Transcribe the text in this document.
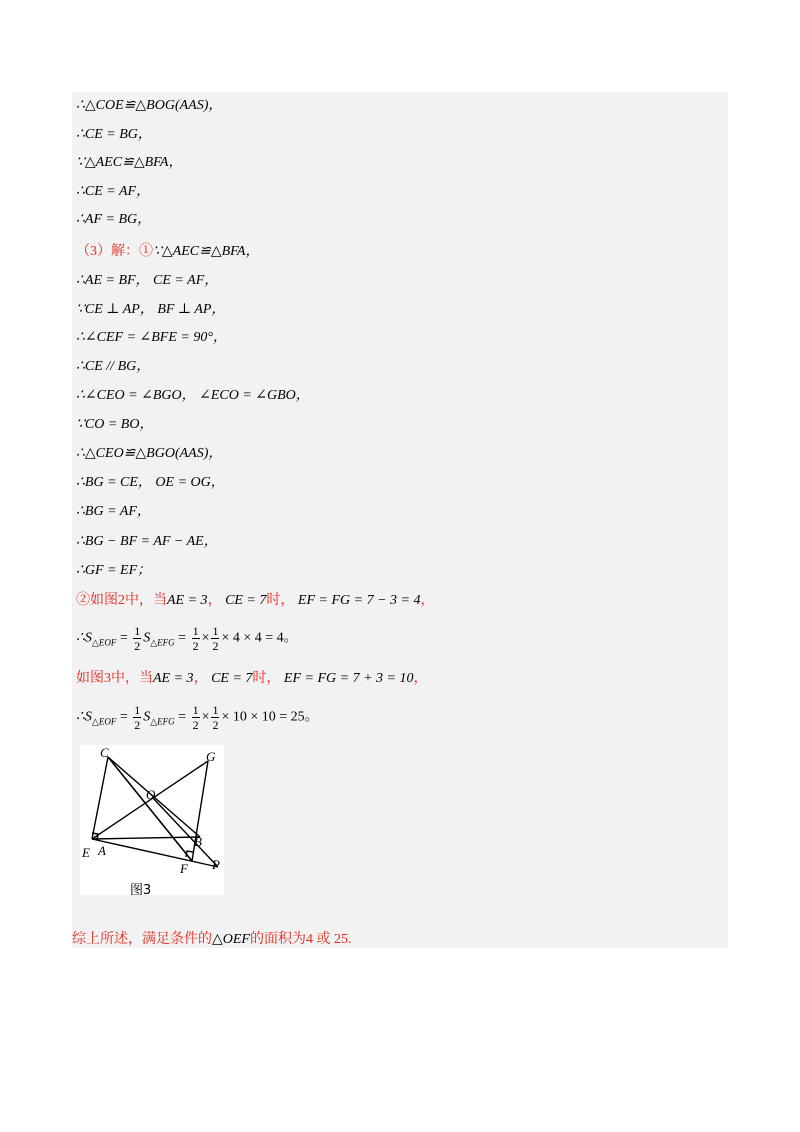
∴△COE≌△BOG(AAS)，
∴CE = BG，
∵△AEC≌△BFA，
∴CE = AF，
∴AF = BG，
（3）解：①∵△AEC≌△BFA，
∴AE = BF， CE = AF，
∵CE ⊥ AP， BF ⊥ AP，
∴∠CEF = ∠BFE = 90°，
∴CE // BG，
∴∠CEO = ∠BGO， ∠ECO = ∠GBO，
∵CO = BO，
∴△CEO≌△BGO(AAS)，
∴BG = CE， OE = OG，
∴BG = AF，
∴BG − BF = AF − AE，
∴GF = EF；
②如图2中，当AE = 3， CE = 7时， EF = FG = 7 − 3 = 4，
$\therefore S_{\triangle EOF} = \frac{1}{2} S_{\triangle EFG} = \frac{1}{2} \times \frac{1}{2} \times 4 \times 4 = 4$。
如图3中，当AE = 3， CE = 7时， EF = FG = 7 + 3 = 10，
$\therefore S_{\triangle EOF} = \frac{1}{2} S_{\triangle EFG} = \frac{1}{2} \times \frac{1}{2} \times 10 \times 10 = 25$。
C	G
O
B
E A
F P
图3
综上所述，满足条件的△OEF的面积为4 或 25.
